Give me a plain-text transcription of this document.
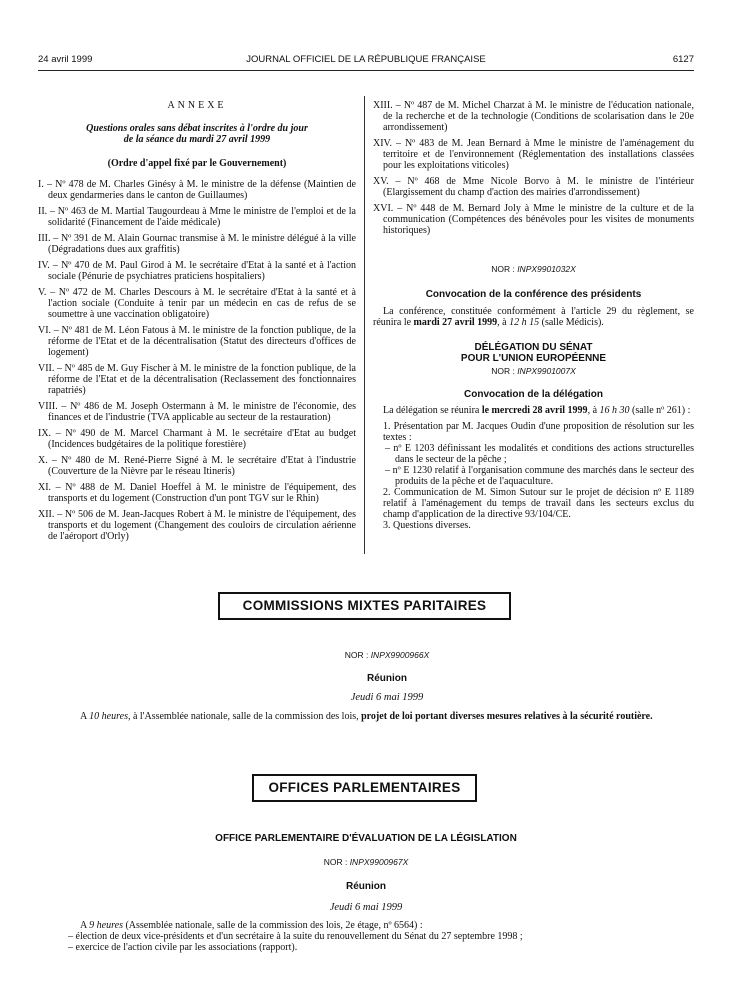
24 avril 1999	JOURNAL OFFICIEL DE LA RÉPUBLIQUE FRANÇAISE	6127
ANNEXE
Questions orales sans débat inscrites à l'ordre du jour
de la séance du mardi 27 avril 1999
(Ordre d'appel fixé par le Gouvernement)
I. – Nº 478 de M. Charles Ginésy à M. le ministre de la défense (Maintien de deux gendarmeries dans le canton de Guillaumes)
II. – Nº 463 de M. Martial Taugourdeau à Mme le ministre de l'emploi et de la solidarité (Financement de l'aide médicale)
III. – Nº 391 de M. Alain Gournac transmise à M. le ministre délégué à la ville (Dégradations dues aux graffitis)
IV. – Nº 470 de M. Paul Girod à M. le secrétaire d'Etat à la santé et à l'action sociale (Pénurie de psychiatres praticiens hospitaliers)
V. – Nº 472 de M. Charles Descours à M. le secrétaire d'Etat à la santé et à l'action sociale (Conduite à tenir par un médecin en cas de refus de se soumettre à une vaccination obligatoire)
VI. – Nº 481 de M. Léon Fatous à M. le ministre de la fonction publique, de la réforme de l'Etat et de la décentralisation (Statut des directeurs d'offices de logement)
VII. – Nº 485 de M. Guy Fischer à M. le ministre de la fonction publique, de la réforme de l'Etat et de la décentralisation (Reclassement des fonctionnaires rapatriés)
VIII. – Nº 486 de M. Joseph Ostermann à M. le ministre de l'économie, des finances et de l'industrie (TVA applicable au secteur de la restauration)
IX. – Nº 490 de M. Marcel Charmant à M. le secrétaire d'Etat au budget (Incidences budgétaires de la politique forestière)
X. – Nº 480 de M. René-Pierre Signé à M. le secrétaire d'Etat à l'industrie (Couverture de la Nièvre par le réseau Itineris)
XI. – Nº 488 de M. Daniel Hoeffel à M. le ministre de l'équipement, des transports et du logement (Construction d'un pont TGV sur le Rhin)
XII. – Nº 506 de M. Jean-Jacques Robert à M. le ministre de l'équipement, des transports et du logement (Changement des couloirs de circulation aérienne de l'aéroport d'Orly)
XIII. – Nº 487 de M. Michel Charzat à M. le ministre de l'éducation nationale, de la recherche et de la technologie (Conditions de scolarisation dans le 20e arrondissement)
XIV. – Nº 483 de M. Jean Bernard à Mme le ministre de l'aménagement du territoire et de l'environnement (Réglementation des installations classées pour les exploitations viticoles)
XV. – Nº 468 de Mme Nicole Borvo à M. le ministre de l'intérieur (Elargissement du champ d'action des mairies d'arrondissement)
XVI. – Nº 448 de M. Bernard Joly à Mme le ministre de la culture et de la communication (Compétences des bénévoles pour les visites de monuments historiques)
NOR : INPX9901032X
Convocation de la conférence des présidents
La conférence, constituée conformément à l'article 29 du règlement, se réunira le mardi 27 avril 1999, à 12 h 15 (salle Médicis).
DÉLÉGATION DU SÉNAT
POUR L'UNION EUROPÉENNE
NOR : INPX9901007X
Convocation de la délégation
La délégation se réunira le mercredi 28 avril 1999, à 16 h 30 (salle nº 261) :
1. Présentation par M. Jacques Oudin d'une proposition de résolution sur les textes :
– nº E 1203 définissant les modalités et conditions des actions structurelles dans le secteur de la pêche ;
– nº E 1230 relatif à l'organisation commune des marchés dans le secteur des produits de la pêche et de l'aquaculture.
2. Communication de M. Simon Sutour sur le projet de décision nº E 1189 relatif à l'aménagement du temps de travail dans les secteurs exclus du champ d'application de la directive 93/104/CE.
3. Questions diverses.
COMMISSIONS MIXTES PARITAIRES
NOR : INPX9900966X
Réunion
Jeudi 6 mai 1999
A 10 heures, à l'Assemblée nationale, salle de la commission des lois, projet de loi portant diverses mesures relatives à la sécurité routière.
OFFICES PARLEMENTAIRES
OFFICE PARLEMENTAIRE D'ÉVALUATION DE LA LÉGISLATION
NOR : INPX9900967X
Réunion
Jeudi 6 mai 1999
A 9 heures (Assemblée nationale, salle de la commission des lois, 2e étage, nº 6564) :
– élection de deux vice-présidents et d'un secrétaire à la suite du renouvellement du Sénat du 27 septembre 1998 ;
– exercice de l'action civile par les associations (rapport).
